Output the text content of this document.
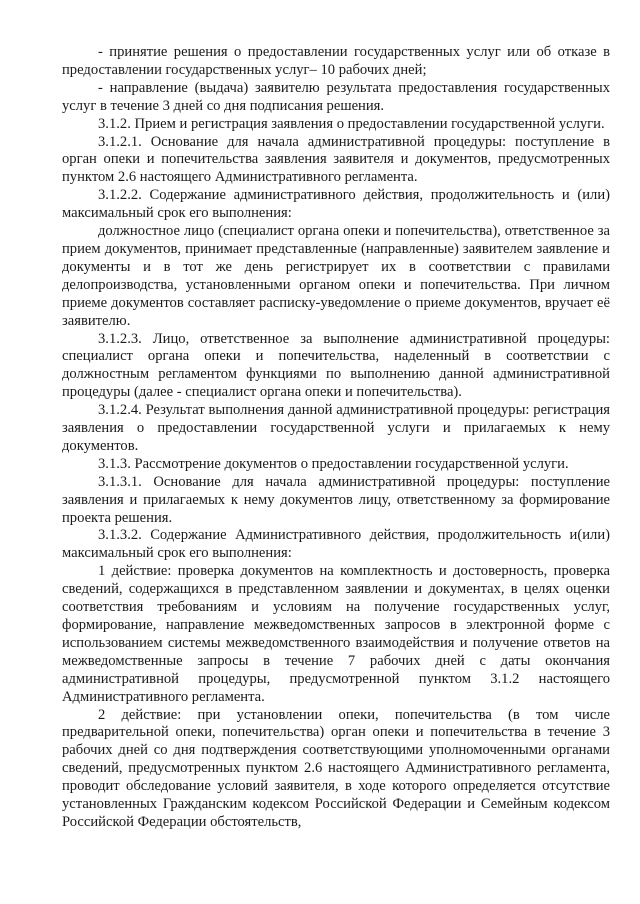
- принятие решения о предоставлении государственных услуг или об отказе в предоставлении государственных услуг– 10 рабочих дней;

- направление (выдача) заявителю результата предоставления государственных услуг в течение 3 дней со дня подписания решения.

3.1.2. Прием и регистрация заявления о предоставлении государственной услуги.

3.1.2.1. Основание для начала административной процедуры: поступление в орган опеки и попечительства заявления заявителя и документов, предусмотренных пунктом 2.6 настоящего Административного регламента.

3.1.2.2. Содержание административного действия, продолжительность и (или) максимальный срок его выполнения:

должностное лицо (специалист органа опеки и попечительства), ответственное за прием документов, принимает представленные (направленные) заявителем заявление и документы и в тот же день регистрирует их в соответствии с правилами делопроизводства, установленными органом опеки и попечительства. При личном приеме документов составляет расписку-уведомление о приеме документов, вручает её заявителю.

3.1.2.3. Лицо, ответственное за выполнение административной процедуры: специалист органа опеки и попечительства, наделенный в соответствии с должностным регламентом функциями по выполнению данной административной процедуры (далее - специалист органа опеки и попечительства).

3.1.2.4. Результат выполнения данной административной процедуры: регистрация заявления о предоставлении государственной услуги и прилагаемых к нему документов.

3.1.3. Рассмотрение документов о предоставлении государственной услуги.

3.1.3.1. Основание для начала административной процедуры: поступление заявления и прилагаемых к нему документов лицу, ответственному за формирование проекта решения.

3.1.3.2. Содержание Административного действия, продолжительность и(или) максимальный срок его выполнения:

1 действие: проверка документов на комплектность и достоверность, проверка сведений, содержащихся в представленном заявлении и документах, в целях оценки соответствия требованиям и условиям на получение государственных услуг, формирование, направление межведомственных запросов в электронной форме с использованием системы межведомственного взаимодействия и получение ответов на межведомственные запросы в течение 7 рабочих дней с даты окончания административной процедуры, предусмотренной пунктом 3.1.2 настоящего Административного регламента.

2 действие: при установлении опеки, попечительства (в том числе предварительной опеки, попечительства) орган опеки и попечительства в течение 3 рабочих дней со дня подтверждения соответствующими уполномоченными органами сведений, предусмотренных пунктом 2.6 настоящего Административного регламента, проводит обследование условий заявителя, в ходе которого определяется отсутствие установленных Гражданским кодексом Российской Федерации и Семейным кодексом Российской Федерации обстоятельств,
